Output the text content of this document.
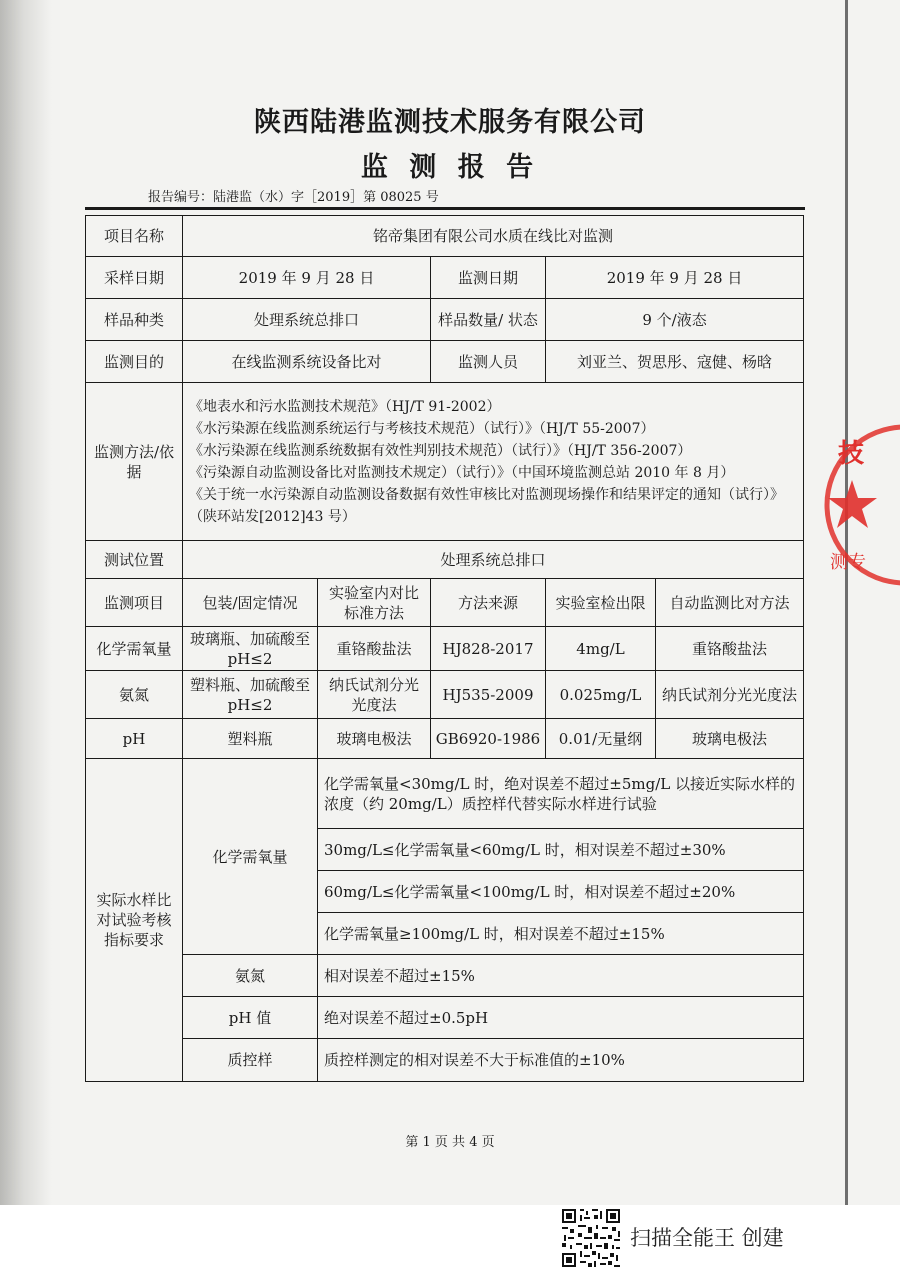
陕西陆港监测技术服务有限公司
监 测 报 告
报告编号：陆港监（水）字［2019］第 08025 号
项目名称	铭帝集团有限公司水质在线比对监测				
采样日期	2019 年 9 月 28 日		监测日期	2019 年 9 月 28 日	
样品种类	处理系统总排口		样品数量/ 状态	9 个/液态	
监测目的	在线监测系统设备比对		监测人员	刘亚兰、贺思彤、寇健、杨晗	
监测方法/依据	《地表水和污水监测技术规范》（HJ/T 91-2002）
《水污染源在线监测系统运行与考核技术规范）（试行）》（HJ/T 55-2007）
《水污染源在线监测系统数据有效性判别技术规范）（试行）》（HJ/T 356-2007）
《污染源自动监测设备比对监测技术规定）（试行）》（中国环境监测总站 2010 年 8 月）
《关于统一水污染源自动监测设备数据有效性审核比对监测现场操作和结果评定的通知（试行）》（陕环站发[2012]43 号）				

测试位置	处理系统总排口				
监测项目	包装/固定情况	实验室内对比标准方法	方法来源	实验室检出限	自动监测比对方法
化学需氧量	玻璃瓶、加硫酸至 pH≤2	重铬酸盐法	HJ828-2017	4mg/L	重铬酸盐法
氨氮	塑料瓶、加硫酸至 pH≤2	纳氏试剂分光光度法	HJ535-2009	0.025mg/L	纳氏试剂分光光度法
pH	塑料瓶	玻璃电极法	GB6920-1986	0.01/无量纲	玻璃电极法
实际水样比对试验考核指标要求	化学需氧量	化学需氧量<30mg/L 时，绝对误差不超过±5mg/L 以接近实际水样的浓度（约 20mg/L）质控样代替实际水样进行试验			
		30mg/L≤化学需氧量<60mg/L 时，相对误差不超过±30%			
		60mg/L≤化学需氧量<100mg/L 时，相对误差不超过±20%			
		化学需氧量≥100mg/L 时，相对误差不超过±15%			
	氨氮	相对误差不超过±15%			
	pH 值	绝对误差不超过±0.5pH			
	质控样	质控样测定的相对误差不大于标准值的±10%			
第 1 页 共 4 页
技
测专
扫描全能王 创建
